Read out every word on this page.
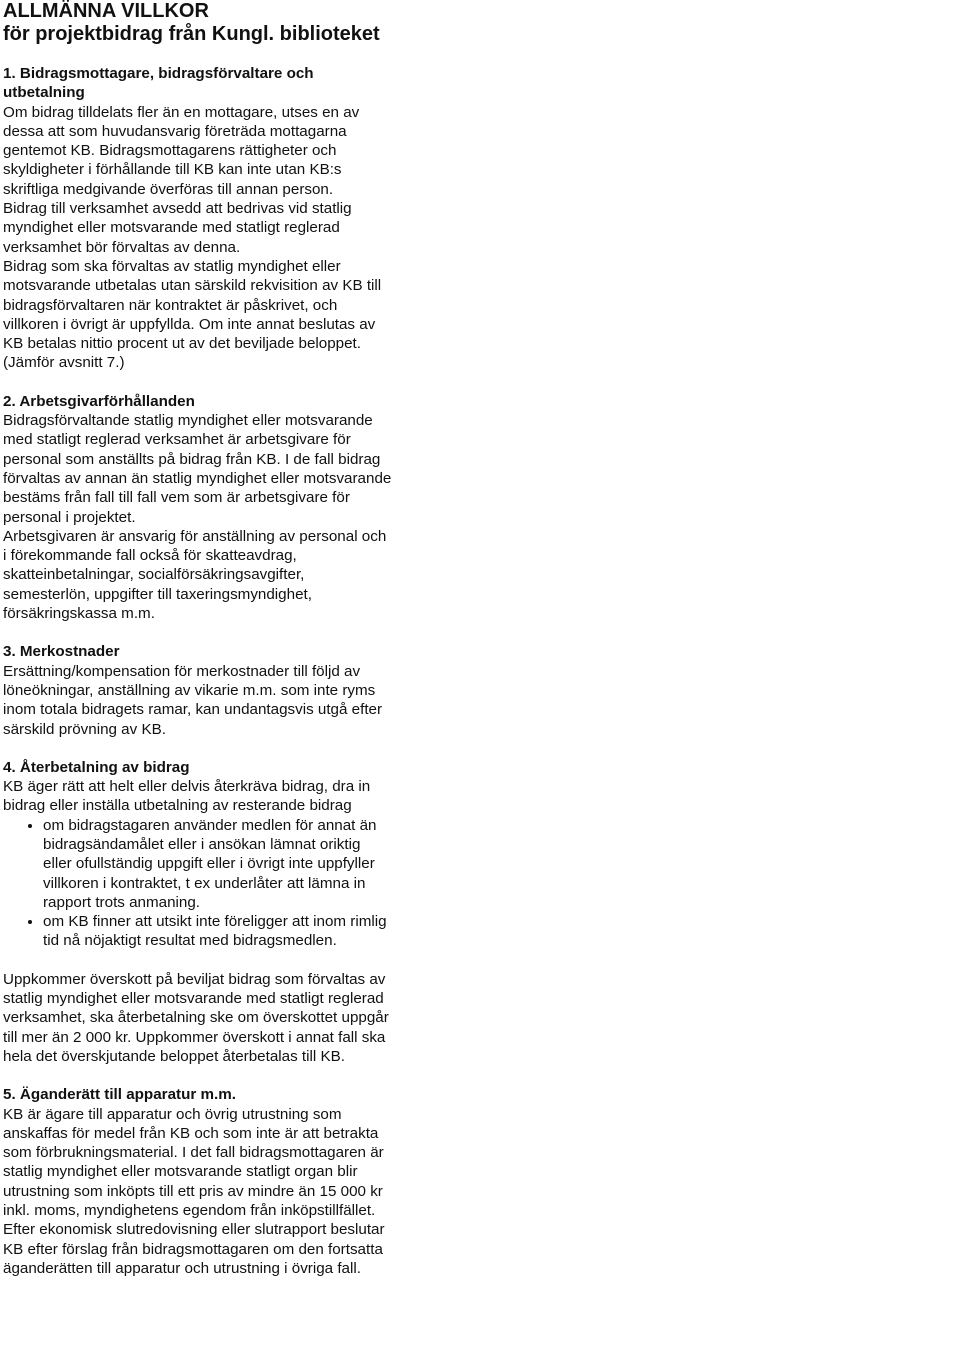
ALLMÄNNA VILLKOR
för projektbidrag från Kungl. biblioteket
1. Bidragsmottagare, bidragsförvaltare och utbetalning

Om bidrag tilldelats fler än en mottagare, utses en av dessa att som huvudansvarig företräda mottagarna gentemot KB. Bidragsmottagarens rättigheter och skyldigheter i förhållande till KB kan inte utan KB:s skriftliga medgivande överföras till annan person.

Bidrag till verksamhet avsedd att bedrivas vid statlig myndighet eller motsvarande med statligt reglerad verksamhet bör förvaltas av denna.

Bidrag som ska förvaltas av statlig myndighet eller motsvarande utbetalas utan särskild rekvisition av KB till bidragsförvaltaren när kontraktet är påskrivet, och villkoren i övrigt är uppfyllda. Om inte annat beslutas av KB betalas nittio procent ut av det beviljade beloppet. (Jämför avsnitt 7.)

2. Arbetsgivarförhållanden

Bidragsförvaltande statlig myndighet eller motsvarande med statligt reglerad verksamhet är arbetsgivare för personal som anställts på bidrag från KB. I de fall bidrag förvaltas av annan än statlig myndighet eller motsvarande bestäms från fall till fall vem som är arbetsgivare för personal i projektet.

Arbetsgivaren är ansvarig för anställning av personal och i förekommande fall också för skatteavdrag, skatteinbetalningar, socialförsäkringsavgifter, semesterlön, uppgifter till taxeringsmyndighet, försäkringskassa m.m.

3. Merkostnader

Ersättning/kompensation för merkostnader till följd av löneökningar, anställning av vikarie m.m. som inte ryms inom totala bidragets ramar, kan undantagsvis utgå efter särskild prövning av KB.

4. Återbetalning av bidrag

KB äger rätt att helt eller delvis återkräva bidrag, dra in bidrag eller inställa utbetalning av resterande bidrag

• om bidragstagaren använder medlen för annat än bidragsändamålet eller i ansökan lämnat oriktig eller ofullständig uppgift eller i övrigt inte uppfyller villkoren i kontraktet, t ex underlåter att lämna in rapport trots anmaning.
• om KB finner att utsikt inte föreligger att inom rimlig tid nå nöjaktigt resultat med bidragsmedlen.

Uppkommer överskott på beviljat bidrag som förvaltas av statlig myndighet eller motsvarande med statligt reglerad verksamhet, ska återbetalning ske om överskottet uppgår till mer än 2 000 kr. Uppkommer överskott i annat fall ska hela det överskjutande beloppet återbetalas till KB.

5. Äganderätt till apparatur m.m.

KB är ägare till apparatur och övrig utrustning som anskaffas för medel från KB och som inte är att betrakta som förbrukningsmaterial. I det fall bidragsmottagaren är statlig myndighet eller motsvarande statligt organ blir utrustning som inköpts till ett pris av mindre än 15 000 kr inkl. moms, myndighetens egendom från inköpstillfället. Efter ekonomisk slutredovisning eller slutrapport beslutar KB efter förslag från bidragsmottagaren om den fortsatta äganderätten till apparatur och utrustning i övriga fall.
